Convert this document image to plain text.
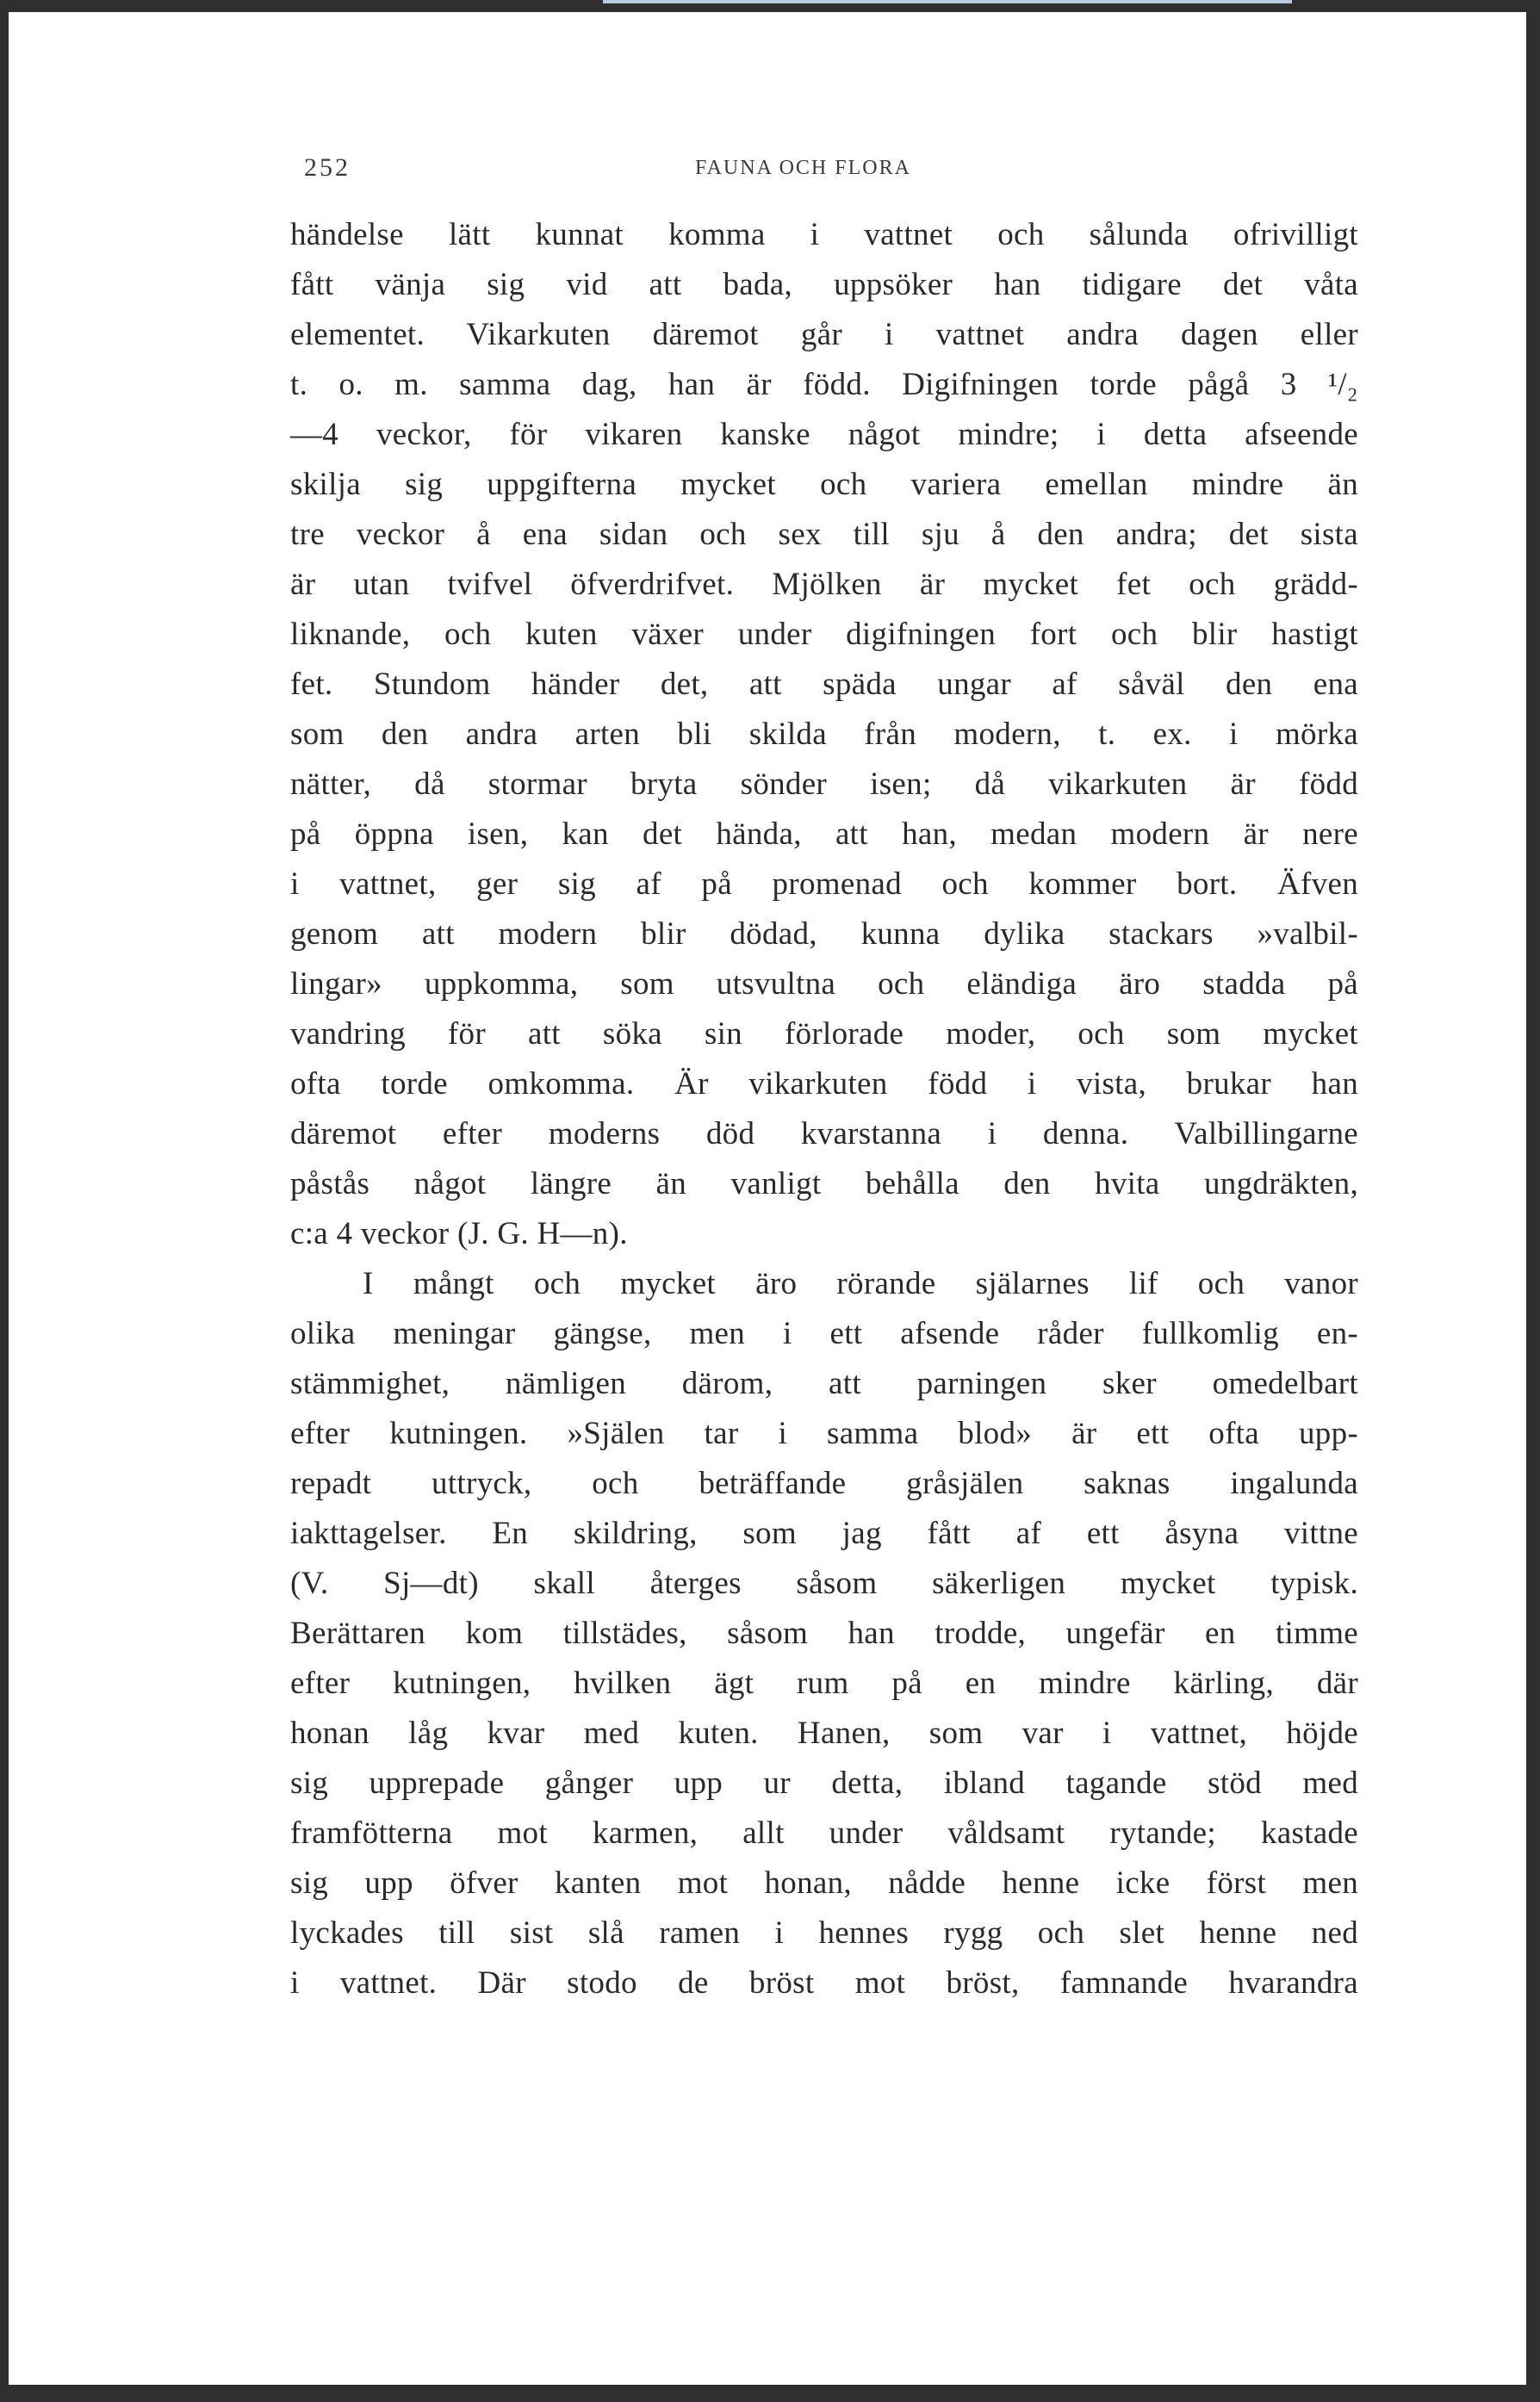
252	FAUNA OCH FLORA
händelse lätt kunnat komma i vattnet och sålunda ofrivilligt
fått vänja sig vid att bada, uppsöker han tidigare det våta
elementet. Vikarkuten däremot går i vattnet andra dagen eller
t. o. m. samma dag, han är född. Digifningen torde pågå 3 ¹/₂
—4 veckor, för vikaren kanske något mindre; i detta afseende
skilja sig uppgifterna mycket och variera emellan mindre än
tre veckor å ena sidan och sex till sju å den andra; det sista
är utan tvifvel öfverdrifvet. Mjölken är mycket fet och grädd-
liknande, och kuten växer under digifningen fort och blir hastigt
fet. Stundom händer det, att späda ungar af såväl den ena
som den andra arten bli skilda från modern, t. ex. i mörka
nätter, då stormar bryta sönder isen; då vikarkuten är född
på öppna isen, kan det hända, att han, medan modern är nere
i vattnet, ger sig af på promenad och kommer bort. Äfven
genom att modern blir dödad, kunna dylika stackars »valbil-
lingar» uppkomma, som utsvultna och eländiga äro stadda på
vandring för att söka sin förlorade moder, och som mycket
ofta torde omkomma. Är vikarkuten född i vista, brukar han
däremot efter moderns död kvarstanna i denna. Valbillingarne
påstås något längre än vanligt behålla den hvita ungdräkten,
c:a 4 veckor (J. G. H—n).
I mångt och mycket äro rörande själarnes lif och vanor
olika meningar gängse, men i ett afsende råder fullkomlig en-
stämmighet, nämligen därom, att parningen sker omedelbart
efter kutningen. »Själen tar i samma blod» är ett ofta upp-
repadt uttryck, och beträffande gråsjälen saknas ingalunda
iakttagelser. En skildring, som jag fått af ett åsyna vittne
(V. Sj—dt) skall återges såsom säkerligen mycket typisk.
Berättaren kom tillstädes, såsom han trodde, ungefär en timme
efter kutningen, hvilken ägt rum på en mindre kärling, där
honan låg kvar med kuten. Hanen, som var i vattnet, höjde
sig upprepade gånger upp ur detta, ibland tagande stöd med
framfötterna mot karmen, allt under våldsamt rytande; kastade
sig upp öfver kanten mot honan, nådde henne icke först men
lyckades till sist slå ramen i hennes rygg och slet henne ned
i vattnet. Där stodo de bröst mot bröst, famnande hvarandra
